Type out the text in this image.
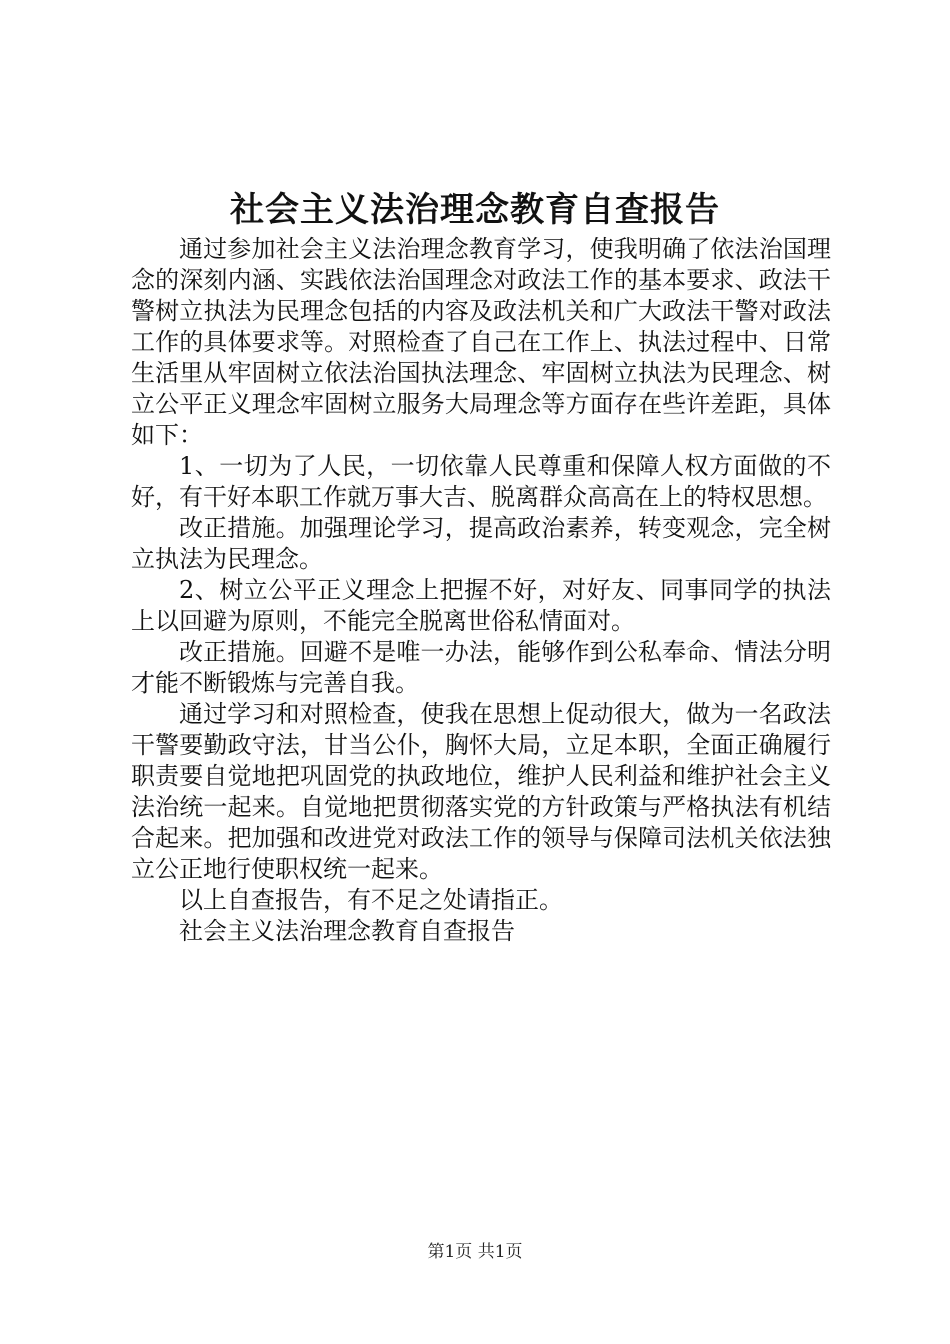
社会主义法治理念教育自查报告

通过参加社会主义法治理念教育学习，使我明确了依法治国理念的深刻内涵、实践依法治国理念对政法工作的基本要求、政法干警树立执法为民理念包括的内容及政法机关和广大政法干警对政法工作的具体要求等。对照检查了自己在工作上、执法过程中、日常生活里从牢固树立依法治国执法理念、牢固树立执法为民理念、树立公平正义理念牢固树立服务大局理念等方面存在些许差距，具体如下：

1、一切为了人民，一切依靠人民尊重和保障人权方面做的不好，有干好本职工作就万事大吉、脱离群众高高在上的特权思想。

改正措施。加强理论学习，提高政治素养，转变观念，完全树立执法为民理念。

2、树立公平正义理念上把握不好，对好友、同事同学的执法上以回避为原则，不能完全脱离世俗私情面对。

改正措施。回避不是唯一办法，能够作到公私奉命、情法分明才能不断锻炼与完善自我。

通过学习和对照检查，使我在思想上促动很大，做为一名政法干警要勤政守法，甘当公仆，胸怀大局，立足本职，全面正确履行职责要自觉地把巩固党的执政地位，维护人民利益和维护社会主义法治统一起来。自觉地把贯彻落实党的方针政策与严格执法有机结合起来。把加强和改进党对政法工作的领导与保障司法机关依法独立公正地行使职权统一起来。

以上自查报告，有不足之处请指正。

社会主义法治理念教育自查报告

第1页 共1页
